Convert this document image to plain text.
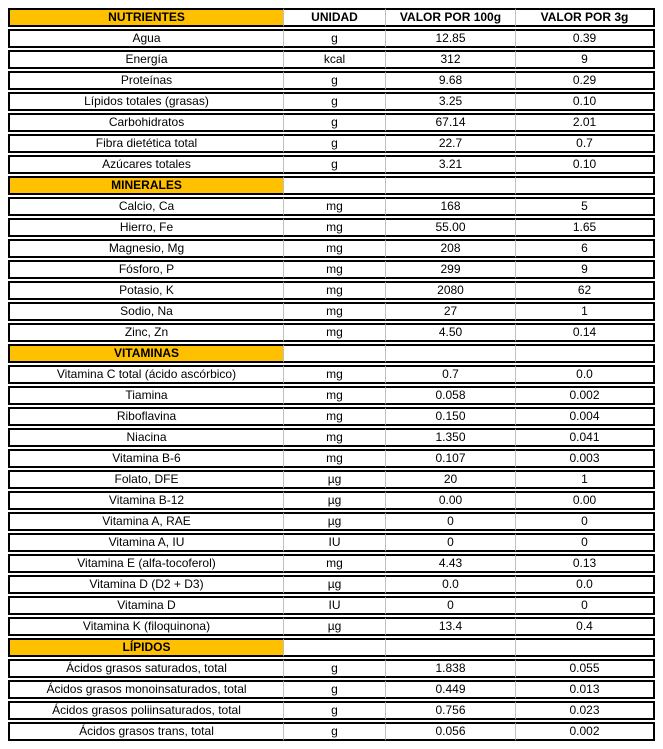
NUTRIENTES	UNIDAD	VALOR POR 100g	VALOR POR 3g
Agua	g	12.85	0.39
Energía	kcal	312	9
Proteínas	g	9.68	0.29
Lípidos totales (grasas)	g	3.25	0.10
Carbohidratos	g	67.14	2.01
Fibra dietética total	g	22.7	0.7
Azúcares totales	g	3.21	0.10
MINERALES			
Calcio, Ca	mg	168	5
Hierro, Fe	mg	55.00	1.65
Magnesio, Mg	mg	208	6
Fósforo, P	mg	299	9
Potasio, K	mg	2080	62
Sodio, Na	mg	27	1
Zinc, Zn	mg	4.50	0.14
VITAMINAS			
Vitamina C total (ácido ascórbico)	mg	0.7	0.0
Tiamina	mg	0.058	0.002
Riboflavina	mg	0.150	0.004
Niacina	mg	1.350	0.041
Vitamina B-6	mg	0.107	0.003
Folato, DFE	µg	20	1
Vitamina B-12	µg	0.00	0.00
Vitamina A, RAE	µg	0	0
Vitamina A, IU	IU	0	0
Vitamina E (alfa-tocoferol)	mg	4.43	0.13
Vitamina D (D2 + D3)	µg	0.0	0.0
Vitamina D	IU	0	0
Vitamina K (filoquinona)	µg	13.4	0.4
LÍPIDOS			
Ácidos grasos saturados, total	g	1.838	0.055
Ácidos grasos monoinsaturados, total	g	0.449	0.013
Ácidos grasos poliinsaturados, total	g	0.756	0.023
Ácidos grasos trans, total	g	0.056	0.002
